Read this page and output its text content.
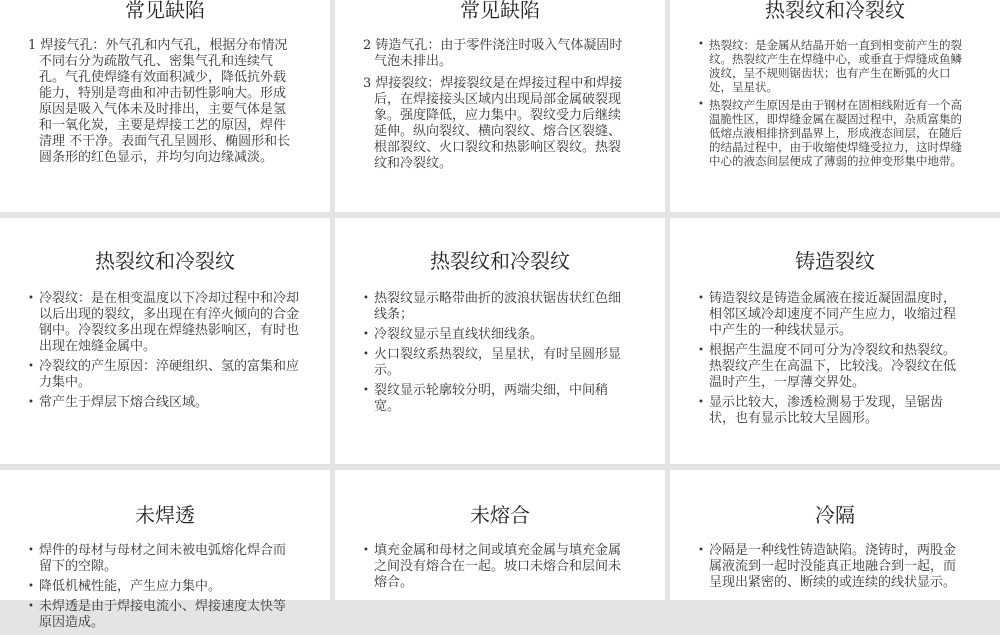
常见缺陷

1 焊接气孔：外气孔和内气孔，根据分布情况不同右分为疏散气孔、密集气孔和连续气孔。气孔使焊缝有效面积减少，降低抗外载能力，特别是弯曲和冲击韧性影响大。形成原因是吸入气体未及时排出，主要气体是氢和一氧化炭，主要是焊接工艺的原因，焊件清理 不干净。表面气孔呈圆形、椭圆形和长圆条形的红色显示，并均匀向边缘减淡。

常见缺陷

2 铸造气孔：由于零件浇注时吸入气体凝固时气泡未排出。

3 焊接裂纹：焊接裂纹是在焊接过程中和焊接后，在焊接接头区域内出现局部金属破裂现象。强度降低，应力集中。裂纹受力后继续延伸。纵向裂纹、横向裂纹、熔合区裂缝、根部裂纹、火口裂纹和热影响区裂纹。热裂纹和冷裂纹。

热裂纹和冷裂纹
• 热裂纹：是金属从结晶开始一直到相变前产生的裂纹。热裂纹产生在焊缝中心，或垂直于焊缝成鱼鳞波纹，呈不规则锯齿状；也有产生在断弧的火口处，呈星状。
• 热裂纹产生原因是由于钢材在固相线附近有一个高温脆性区，即焊缝金属在凝固过程中，杂质富集的低熔点液相排挤到晶界上，形成液态间层，在随后的结晶过程中，由于收缩使焊缝受拉力，这时焊缝中心的液态间层便成了薄弱的拉伸变形集中地带。
热裂纹和冷裂纹
• 冷裂纹：是在相变温度以下冷却过程中和冷却以后出现的裂纹，多出现在有淬火倾向的合金钢中。冷裂纹多出现在焊缝热影响区，有时也出现在烛缝金属中。
• 冷裂纹的产生原因：淬硬组织、氢的富集和应力集中。
• 常产生于焊层下熔合线区域。
热裂纹和冷裂纹
• 热裂纹显示略带曲折的波浪状锯齿状红色细线条；
• 冷裂纹显示呈直线状细线条。
• 火口裂纹系热裂纹，呈星状，有时呈圆形显示。
• 裂纹显示轮廓较分明，两端尖细，中间稍宽。
铸造裂纹
• 铸造裂纹是铸造金属液在接近凝固温度时，相邻区域冷却速度不同产生应力，收缩过程中产生的一种线状显示。
• 根据产生温度不同可分为冷裂纹和热裂纹。热裂纹产生在高温下，比较浅。冷裂纹在低温时产生，一厚薄交界处。
• 显示比较大，渗透检测易于发现，呈锯齿状，也有显示比较大呈圆形。
未焊透
• 焊件的母材与母材之间未被电弧熔化焊合而留下的空隙。
• 降低机械性能，产生应力集中。
• 未焊透是由于焊接电流小、焊接速度太快等原因造成。
未熔合
• 填充金属和母材之间或填充金属与填充金属之间没有熔合在一起。坡口未熔合和层间未熔合。
冷隔
• 冷隔是一种线性铸造缺陷。浇铸时，两股金属液流到一起时没能真正地融合到一起，而呈现出紧密的、断续的或连续的线状显示。
